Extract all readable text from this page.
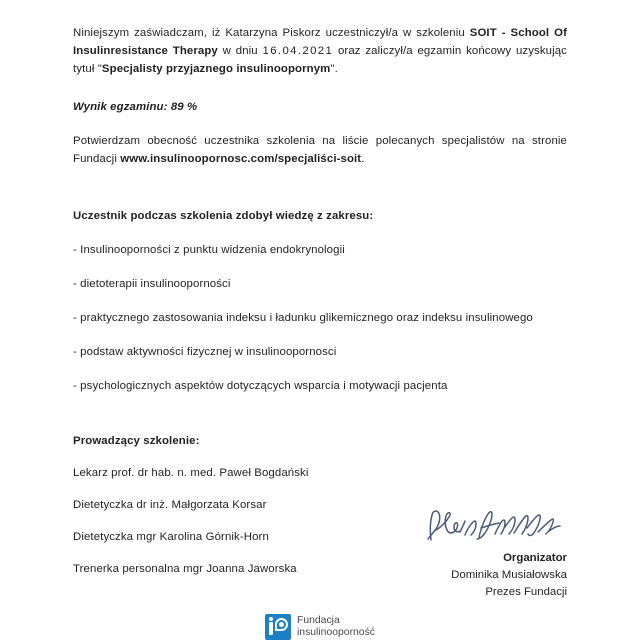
Niniejszym zaświadczam, iż Katarzyna Piskorz uczestniczył/a w szkoleniu SOIT - School Of Insulinresistance Therapy w dniu 16.04.2021 oraz zaliczył/a egzamin końcowy uzyskując tytuł "Specjalisty przyjaznego insulinoopornym".

Wynik egzaminu: 89 %

Potwierdzam obecność uczestnika szkolenia na liście polecanych specjalistów na stronie Fundacji www.insulinoopornosc.com/specjaliści-soit.

Uczestnik podczas szkolenia zdobył wiedzę z zakresu:

- Insulinooporności z punktu widzenia endokrynologii
- dietoterapii insulinooporności
- praktycznego zastosowania indeksu i ładunku glikemicznego oraz indeksu insulinowego
- podstaw aktywności fizycznej w insulinoopornosci
- psychologicznych aspektów dotyczących wsparcia i motywacji pacjenta

Prowadzący szkolenie:

Lekarz prof. dr hab. n. med. Paweł Bogdański
Dietetyczka dr inż. Małgorzata Korsar
Dietetyczka mgr Karolina Górnik-Horn
Trenerka personalna mgr Joanna Jaworska

Organizator

Dominika Musiałowska

Prezes Fundacji

Fundacja
insulinooporność
